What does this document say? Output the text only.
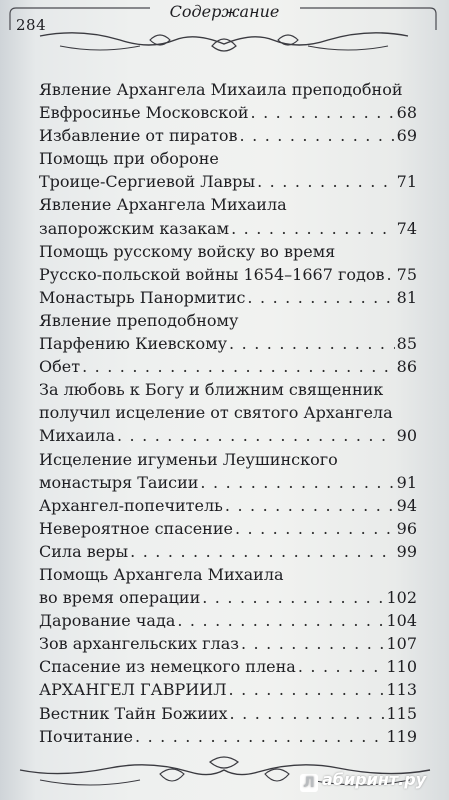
284
Содержание
Явление Архангела Михаила преподобной
Евфросинье Московской . . .	68
Избавление от пиратов . . .	69
Помощь при обороне
Троице-Сергиевой Лавры . . .	71
Явление Архангела Михаила
запорожским казакам . . .	74
Помощь русскому войску во время
Русско-польской войны 1654–1667 годов . . . 75
Монастырь Панормитис . . .	81
Явление преподобному
Парфению Киевскому . . .	85
Обет . . .	86
За любовь к Богу и ближним священник
получил исцеление от святого Архангела
Михаила . . .	90
Исцеление игуменьи Леушинского
монастыря Таисии . . .	91
Архангел-попечитель . . .	94
Невероятное спасение . . .	96
Сила веры . . .	99
Помощь Архангела Михаила
во время операции . . .	102
Дарование чада . . .	104
Зов архангельских глаз . . .	107
Спасение из немецкого плена . . .	110
АРХАНГЕЛ ГАВРИИЛ . . .	113
Вестник Тайн Божиих . . .	115
Почитание . . .	119
Л абиринт.ру
